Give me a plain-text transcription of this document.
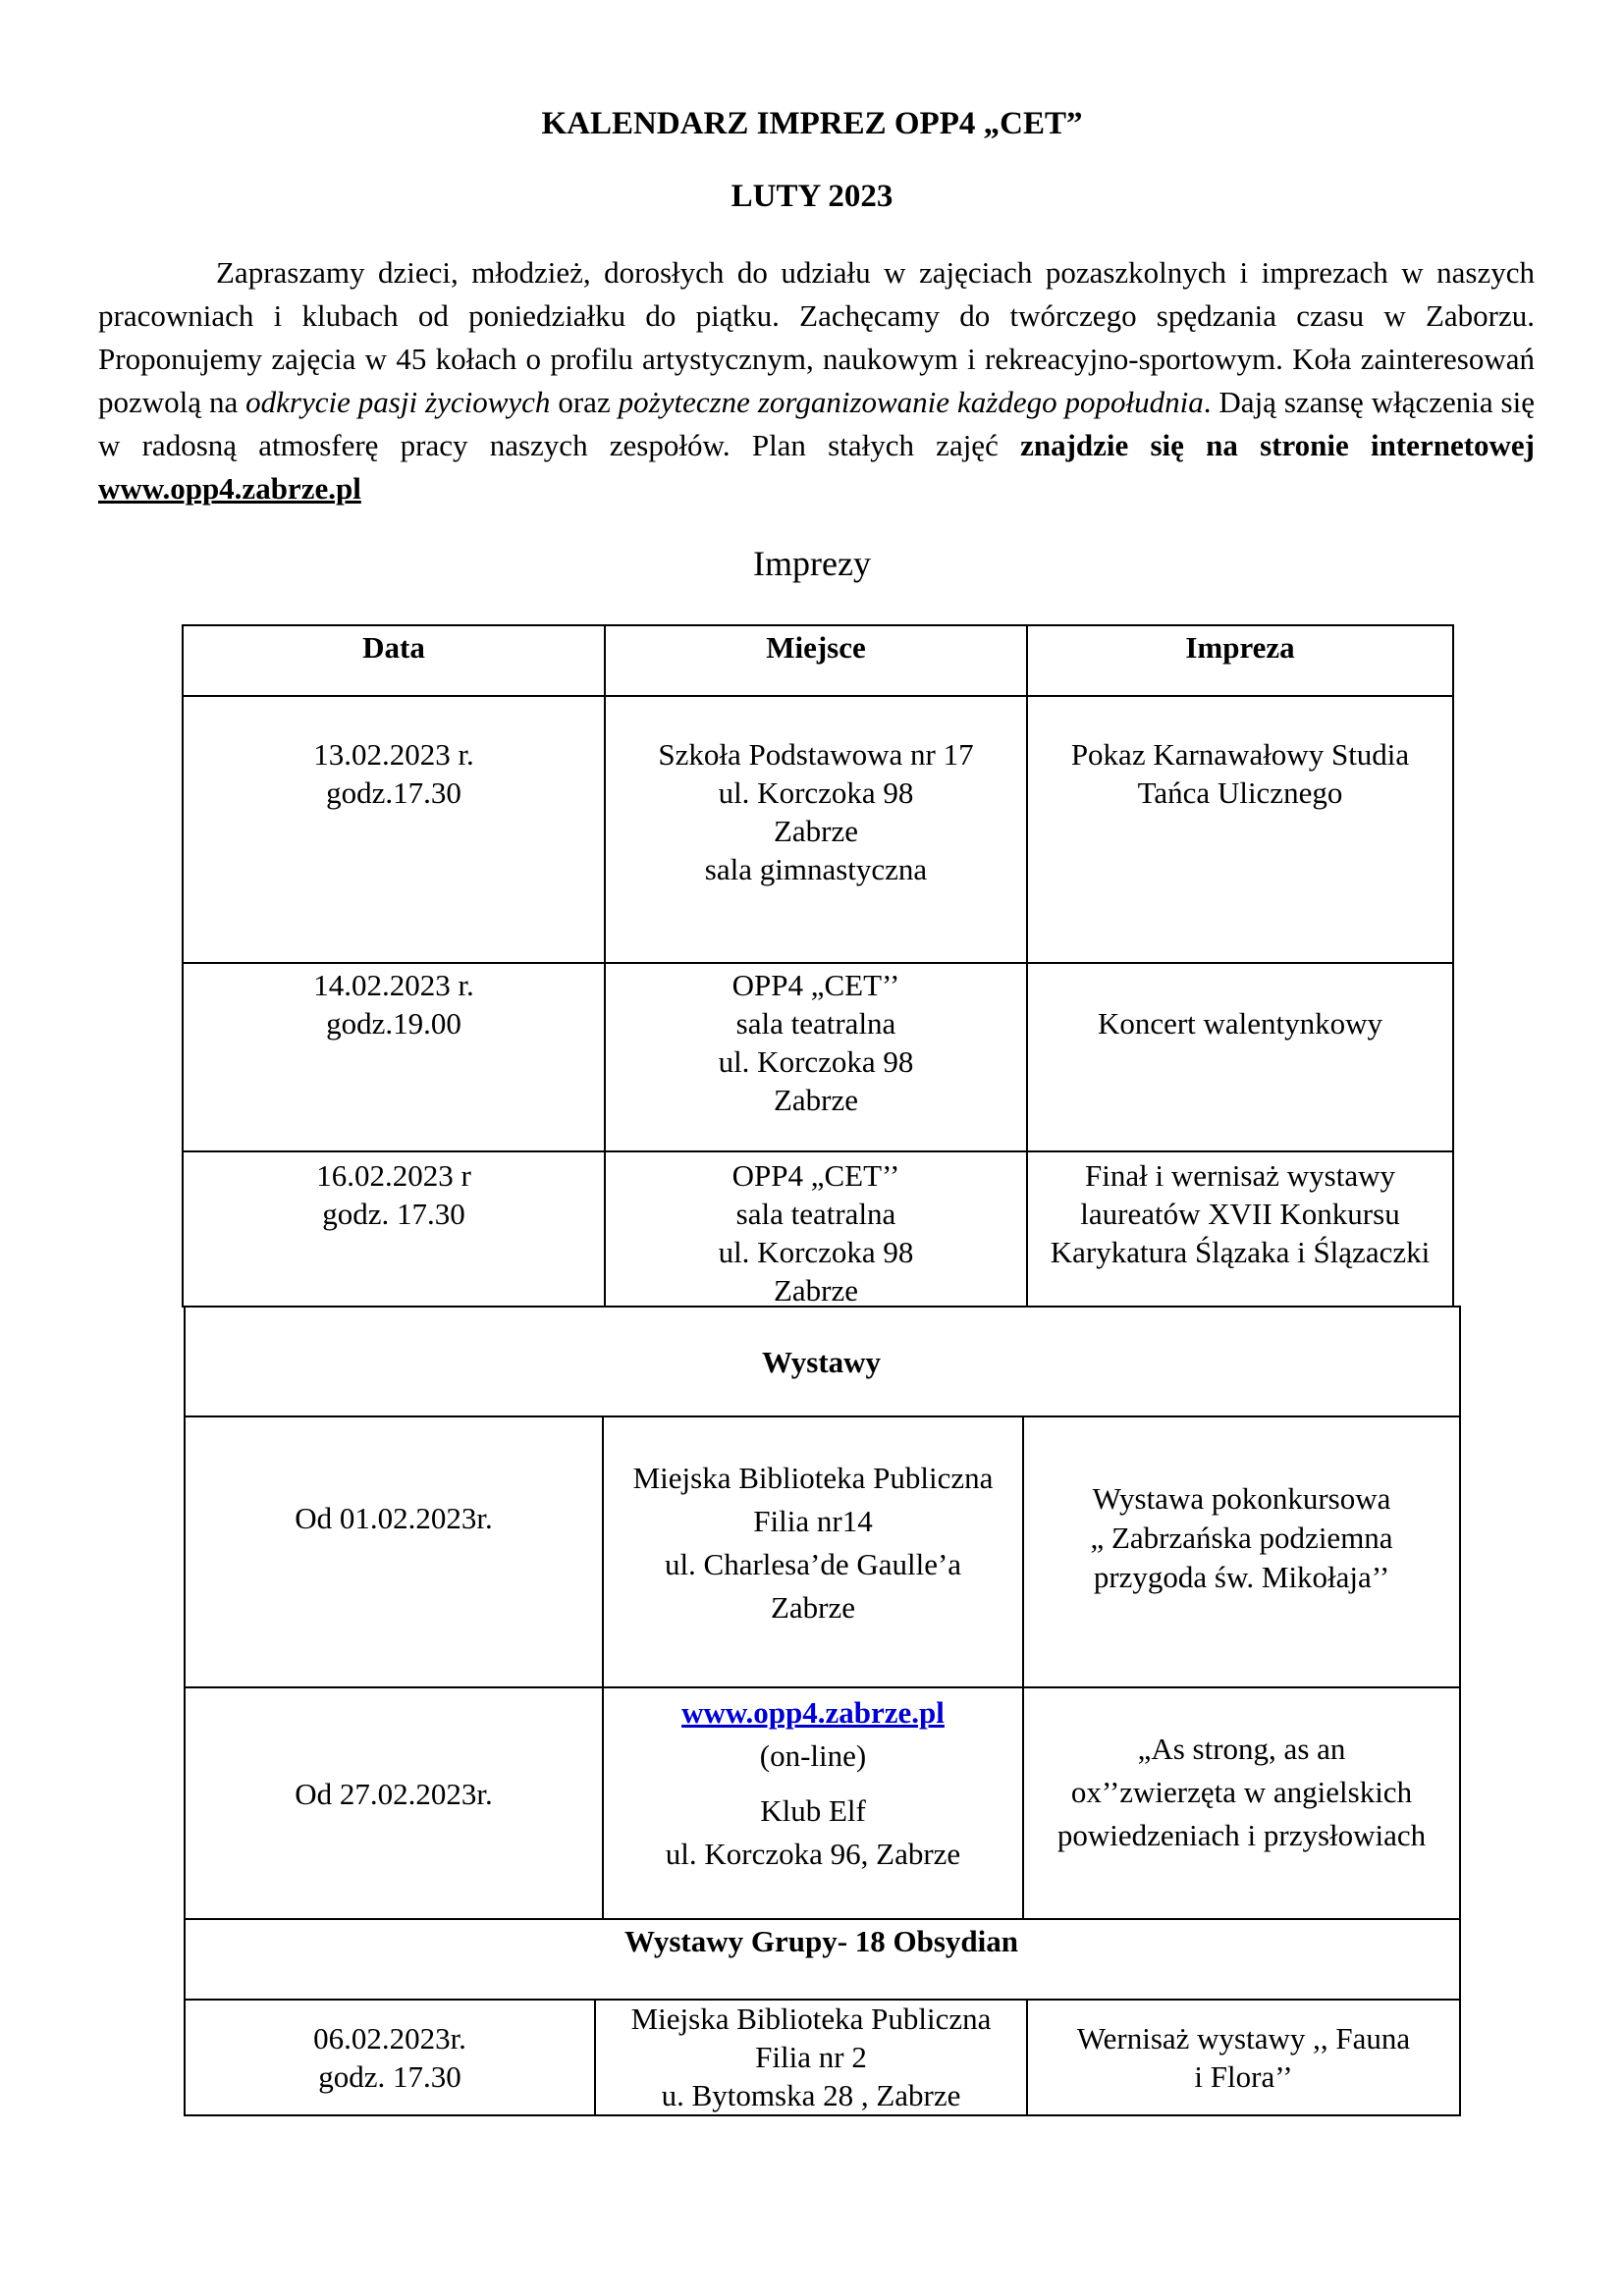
KALENDARZ IMPREZ OPP4 „CET”
LUTY 2023

Zapraszamy dzieci, młodzież, dorosłych do udziału w zajęciach pozaszkolnych i imprezach w naszych pracowniach i klubach od poniedziałku do piątku. Zachęcamy do twórczego spędzania czasu w Zaborzu. Proponujemy zajęcia w 45 kołach o profilu artystycznym, naukowym i rekreacyjno-sportowym. Koła zainteresowań pozwolą na odkrycie pasji życiowych oraz pożyteczne zorganizowanie każdego popołudnia. Dają szansę włączenia się w radosną atmosferę pracy naszych zespołów. Plan stałych zajęć znajdzie się na stronie internetowej www.opp4.zabrze.pl

Imprezy
Data	Miejsce	Impreza
13.02.2023 r.
godz.17.30
Szkoła Podstawowa nr 17
ul. Korczoka 98
Zabrze
sala gimnastyczna
Pokaz Karnawałowy Studia
Tańca Ulicznego
14.02.2023 r.
godz.19.00
OPP4 „CET’’
sala teatralna
ul. Korczoka 98
Zabrze
Koncert walentynkowy
16.02.2023 r
godz. 17.30
OPP4 „CET’’
sala teatralna
ul. Korczoka 98
Zabrze
Finał i wernisaż wystawy
laureatów XVII Konkursu
Karykatura Ślązaka i Ślązaczki
Wystawy
Od 01.02.2023r.
Miejska Biblioteka Publiczna
Filia nr14
ul. Charlesa’de Gaulle’a
Zabrze
Wystawa pokonkursowa
„ Zabrzańska podziemna
przygoda św. Mikołaja’’
Od 27.02.2023r.
www.opp4.zabrze.pl
(on-line)
Klub Elf
ul. Korczoka 96, Zabrze
„As strong, as an
ox’’zwierzęta w angielskich
powiedzeniach i przysłowiach
Wystawy Grupy- 18 Obsydian
06.02.2023r.
godz. 17.30
Miejska Biblioteka Publiczna
Filia nr 2
u. Bytomska 28 , Zabrze
Wernisaż wystawy ,, Fauna
i Flora’’
